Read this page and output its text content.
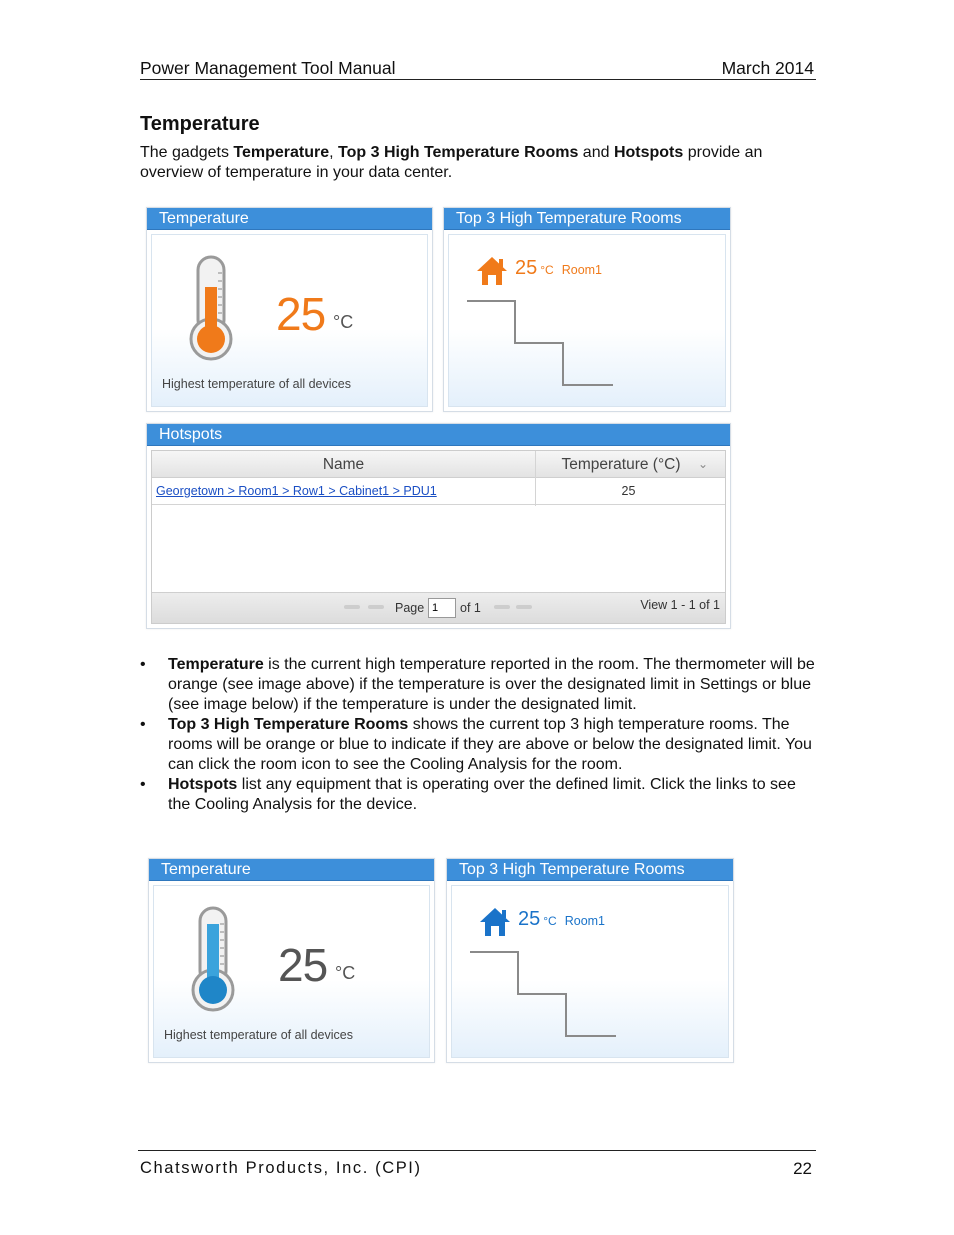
Power Management Tool Manual	March 2014
Temperature
The gadgets Temperature, Top 3 High Temperature Rooms and Hotspots provide an overview of temperature in your data center.
Temperature
25 °C
Highest temperature of all devices
Top 3 High Temperature Rooms
25 °C Room1
Hotspots
Name	Temperature (°C)	⌄
Georgetown > Room1 > Row1 > Cabinet1 > PDU1	25
Page
1	of 1	View 1 - 1 of 1
• Temperature is the current high temperature reported in the room. The thermometer will be orange (see image above) if the temperature is over the designated limit in Settings or blue (see image below) if the temperature is under the designated limit.
• Top 3 High Temperature Rooms shows the current top 3 high temperature rooms. The rooms will be orange or blue to indicate if they are above or below the designated limit. You can click the room icon to see the Cooling Analysis for the room.
• Hotspots list any equipment that is operating over the defined limit. Click the links to see the Cooling Analysis for the device.
Temperature
25 °C
Highest temperature of all devices
Top 3 High Temperature Rooms
25 °C Room1
Chatsworth Products, Inc. (CPI)	22
